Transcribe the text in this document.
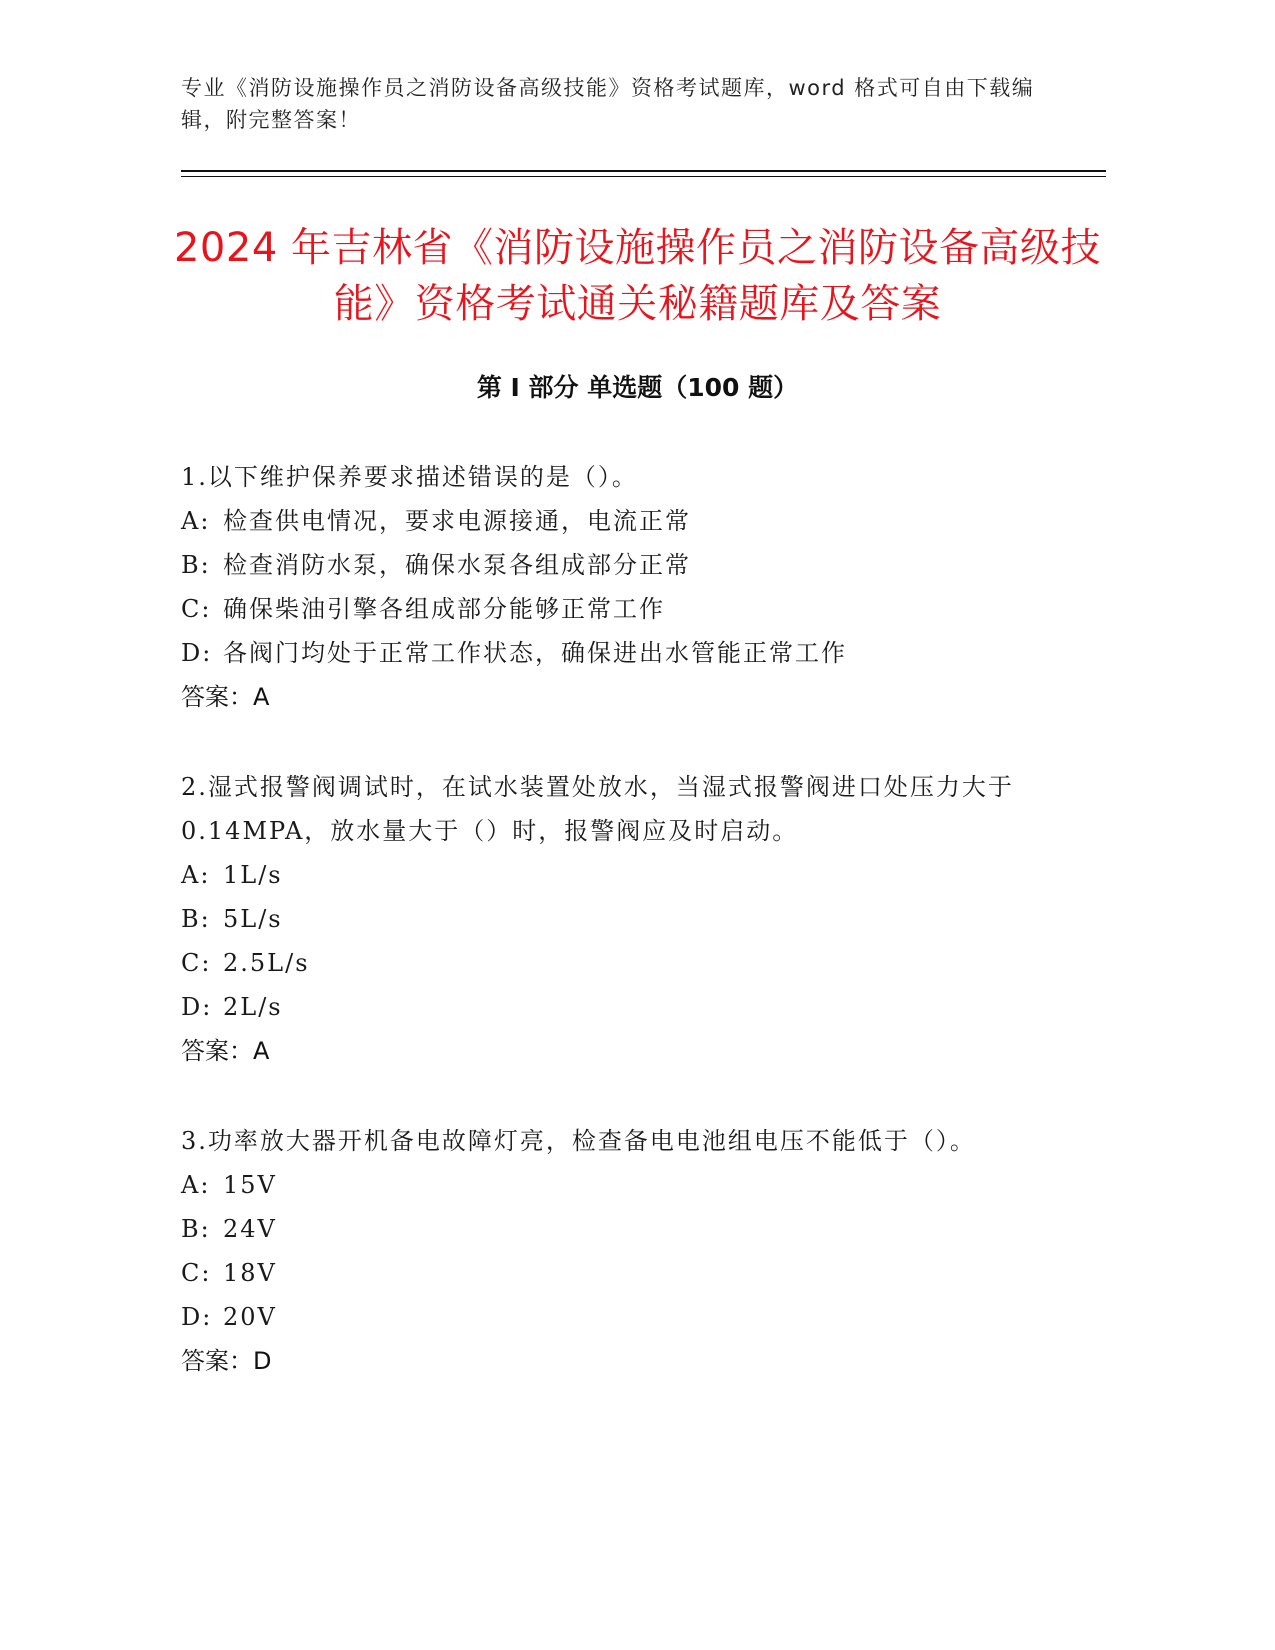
专业《消防设施操作员之消防设备高级技能》资格考试题库，word 格式可自由下载编辑，附完整答案！
2024 年吉林省《消防设施操作员之消防设备高级技能》资格考试通关秘籍题库及答案
第 I 部分 单选题（100 题）
1.以下维护保养要求描述错误的是（）。
A: 检查供电情况，要求电源接通，电流正常
B: 检查消防水泵，确保水泵各组成部分正常
C: 确保柴油引擎各组成部分能够正常工作
D: 各阀门均处于正常工作状态，确保进出水管能正常工作
答案：A
2.湿式报警阀调试时，在试水装置处放水，当湿式报警阀进口处压力大于 0.14MPA，放水量大于（）时，报警阀应及时启动。
A: 1L/s
B: 5L/s
C: 2.5L/s
D: 2L/s
答案：A
3.功率放大器开机备电故障灯亮，检查备电电池组电压不能低于（）。
A: 15V
B: 24V
C: 18V
D: 20V
答案：D
